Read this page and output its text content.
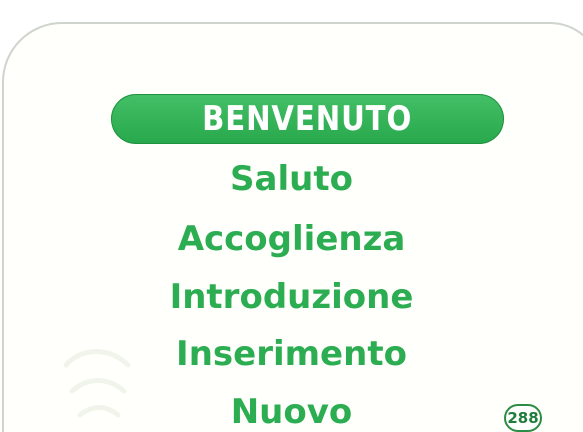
BENVENUTO
Saluto
Accoglienza
Introduzione
Inserimento
Nuovo	288
